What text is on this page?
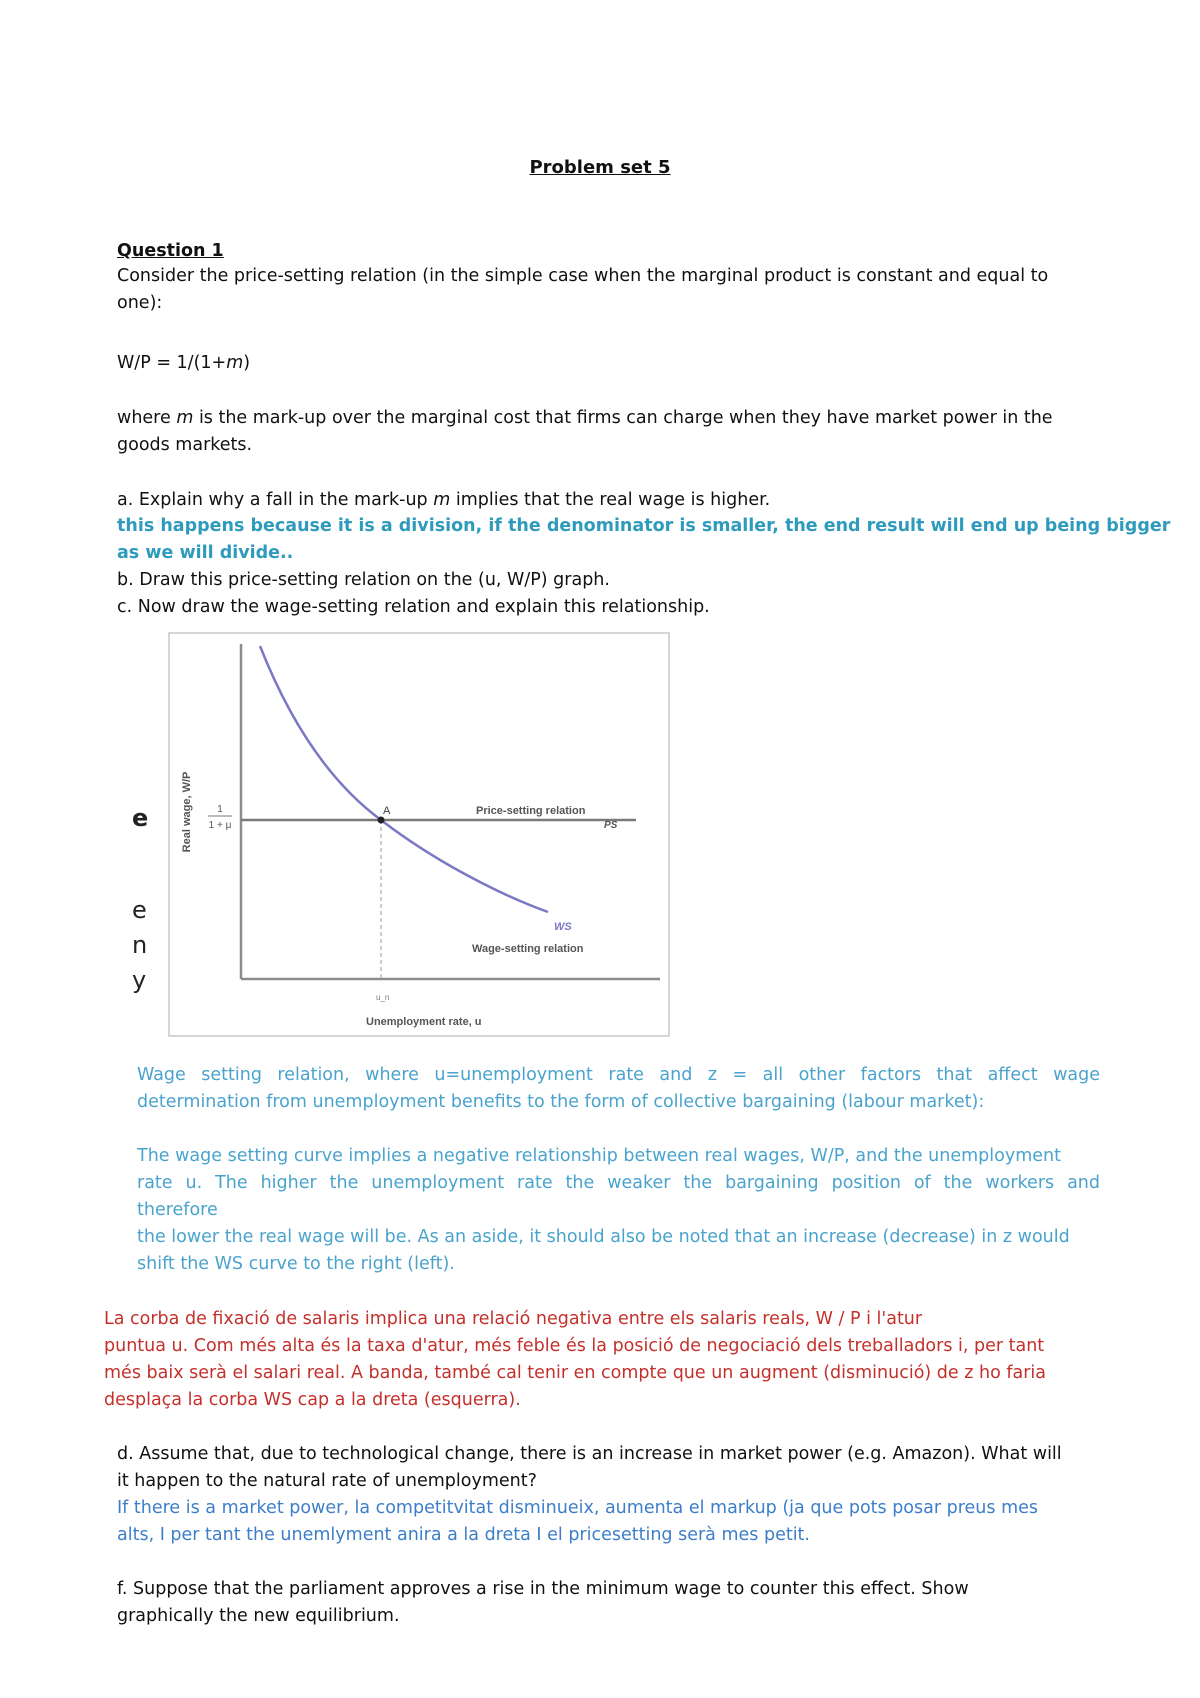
Problem set 5
Question 1
Consider the price-setting relation (in the simple case when the marginal product is constant and equal to
one):
W/P = 1/(1+m)
where m is the mark-up over the marginal cost that firms can charge when they have market power in the
goods markets.
a. Explain why a fall in the mark-up m implies that the real wage is higher.
this happens because it is a division, if the denominator is smaller, the end result will end up being bigger
as we will divide..
b. Draw this price-setting relation on the (u, W/P) graph.
c. Now draw the wage-setting relation and explain this relationship.
e
e
n
y
Real wage, W/P 1
1 + μ
A	Price-setting relation
PS
WS
Wage-setting relation
u_n
Unemployment rate, u
Wage setting relation, where u=unemployment rate and z = all other factors that affect wage
determination from unemployment benefits to the form of collective bargaining (labour market):
The wage setting curve implies a negative relationship between real wages, W/P, and the unemployment
rate u. The higher the unemployment rate the weaker the bargaining position of the workers and
therefore
the lower the real wage will be. As an aside, it should also be noted that an increase (decrease) in z would
shift the WS curve to the right (left).
La corba de fixació de salaris implica una relació negativa entre els salaris reals, W / P i l'atur
puntua u. Com més alta és la taxa d'atur, més feble és la posició de negociació dels treballadors i, per tant
més baix serà el salari real. A banda, també cal tenir en compte que un augment (disminució) de z ho faria
desplaça la corba WS cap a la dreta (esquerra).
d. Assume that, due to technological change, there is an increase in market power (e.g. Amazon). What will
it happen to the natural rate of unemployment?
If there is a market power, la competitvitat disminueix, aumenta el markup (ja que pots posar preus mes
alts, I per tant the unemlyment anira a la dreta I el pricesetting serà mes petit.
f. Suppose that the parliament approves a rise in the minimum wage to counter this effect. Show
graphically the new equilibrium.
